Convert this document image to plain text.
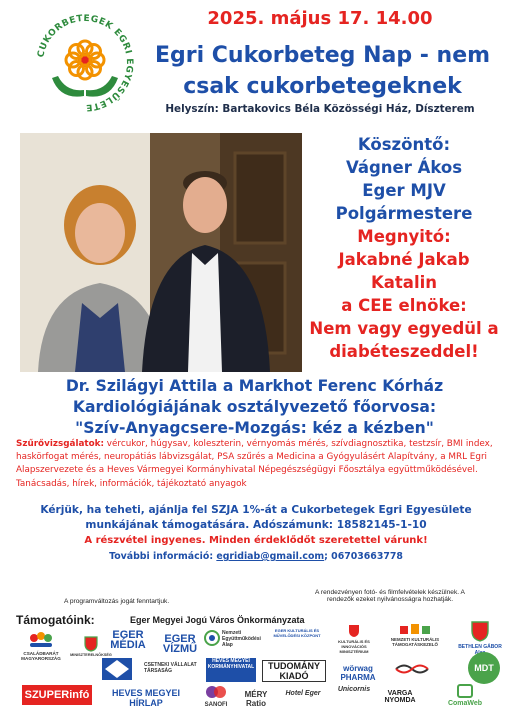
CUKORBETEGEK EGRI EGYESÜLETE
2025. május 17. 14.00
Egri Cukorbeteg Nap - nem
csak cukorbetegeknek
Helyszín: Bartakovics Béla Közösségi Ház, Díszterem
Köszöntő:
Vágner Ákos
Eger MJV
Polgármestere
Megnyitó:
Jakabné Jakab Katalin
a CEE elnöke:
Nem vagy egyedül a
diabéteszeddel!
Dr. Szilágyi Attila a Markhot Ferenc Kórház
Kardiológiájának osztályvezető főorvosa:
"Szív-Anyagcsere-Mozgás: kéz a kézben"
Szűrővizsgálatok: vércukor, húgysav, koleszterin, vérnyomás mérés, szívdiagnosztika, testzsír, BMI index, haskörfogat mérés, neuropátiás lábvizsgálat, PSA szűrés a Medicina a Gyógyulásért Alapítvány, a MRL Egri Alapszervezete és a Heves Vármegyei Kormányhivatal Népegészségügyi Főosztálya együttműködésével. Tanácsadás, hírek, információk, tájékoztató anyagok
Kérjük, ha teheti, ajánlja fel SZJA 1%-át a Cukorbetegek Egri Egyesülete
munkájának támogatására. Adószámunk: 18582145-1-10
A részvétel ingyenes. Minden érdeklődőt szeretettel várunk!
További információ: egridiab@gmail.com; 06703663778
A programváltozás jogát fenntartjuk.
A rendezvényen fotó- és filmfelvételek készülnek. A
rendezők ezeket nyilvánosságra hozhatják.
Támogatóink:	Eger Megyei Jogú Város Önkormányzata
CSALÁDBARÁT MAGYARORSZÁG
MINISZTERELNÖKSÉG
EGER MÉDIA	EGER VÍZMŰ
Nemzeti Együttműködési Alap
EGER KULTURÁLIS ÉS MŰVELŐDÉSI KÖZPONT
KULTURÁLIS ÉS INNOVÁCIÓS MINISZTÉRIUM
NEMZETI KULTURÁLIS TÁMOGATÁSKEZELŐ	BETHLEN GÁBOR
CSETNEKI VÁLLALAT TÁRSASÁG
HEVES MEGYEI KORMÁNYHIVATAL	TUDOMÁNY KIADÓ
wörwag PHARMA
MDT
SZUPERinfó	HEVES MEGYEI HÍRLAP	SANOFI
MÉRY Ratio
Hotel Eger
Unicornis
VARGA NYOMDA	ComaWeb
